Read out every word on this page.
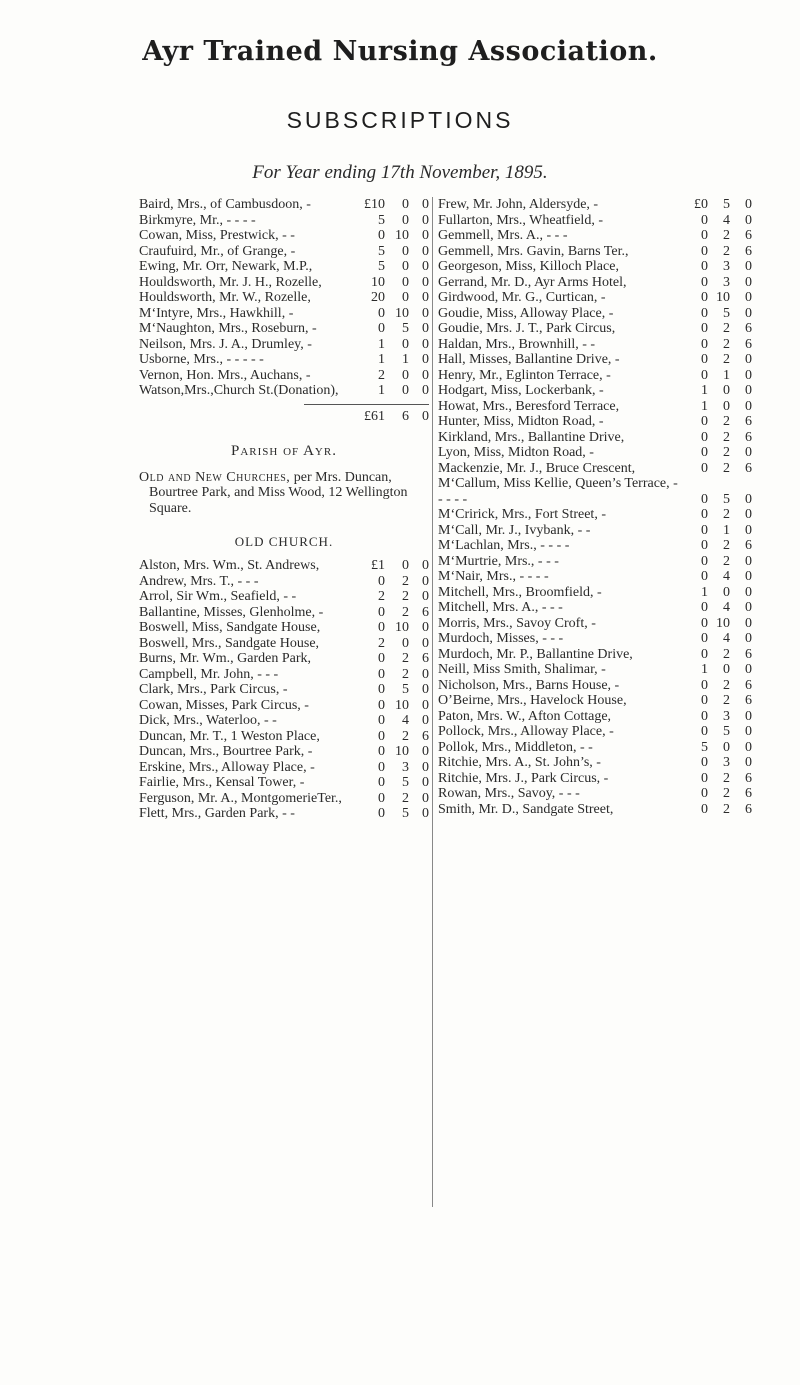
Ayr Trained Nursing Association.
SUBSCRIPTIONS
For Year ending 17th November, 1895.
Baird, Mrs., of Cambusdoon, -	£10	0 0
Birkmyre, Mr., - - - -	5	0 0
Cowan, Miss, Prestwick, - -	0 10 0
Craufuird, Mr., of Grange, -	5	0 0
Ewing, Mr. Orr, Newark, M.P.,	5	0 0
Houldsworth, Mr. J. H., Rozelle,	10	0 0
Houldsworth, Mr. W., Rozelle,	20	0 0
M‘Intyre, Mrs., Hawkhill, -	0 10 0
M‘Naughton, Mrs., Roseburn, -	0	5 0
Neilson, Mrs. J. A., Drumley, -	1	0 0
Usborne, Mrs., - - - - -	1	1 0
Vernon, Hon. Mrs., Auchans, -	2	0 0
Watson,Mrs.,Church St.(Donation),	1	0 0
£61	6 0
Parish of Ayr.
Old and New Churches, per Mrs. Duncan, Bourtree Park, and Miss Wood, 12 Wellington Square.
OLD CHURCH.
Alston, Mrs. Wm., St. Andrews,	£1	0 0
Andrew, Mrs. T., - - -	0	2 0
Arrol, Sir Wm., Seafield, - -	2	2 0
Ballantine, Misses, Glenholme, -	0	2 6
Boswell, Miss, Sandgate House,	0 10 0
Boswell, Mrs., Sandgate House,	2	0 0
Burns, Mr. Wm., Garden Park,	0	2 6
Campbell, Mr. John, - - -	0	2 0
Clark, Mrs., Park Circus, -	0	5 0
Cowan, Misses, Park Circus, -	0 10 0
Dick, Mrs., Waterloo, - -	0	4 0
Duncan, Mr. T., 1 Weston Place,	0	2 6
Duncan, Mrs., Bourtree Park, -	0 10 0
Erskine, Mrs., Alloway Place, -	0	3 0
Fairlie, Mrs., Kensal Tower, -	0	5 0
Ferguson, Mr. A., MontgomerieTer.,	0	2 0
Flett, Mrs., Garden Park, - -	0	5 0
Frew, Mr. John, Aldersyde, -	£0	5	0
Fullarton, Mrs., Wheatfield, -	0	4	0
Gemmell, Mrs. A., - - -	0	2	6
Gemmell, Mrs. Gavin, Barns Ter.,	0	2	6
Georgeson, Miss, Killoch Place,	0	3	0
Gerrand, Mr. D., Ayr Arms Hotel,	0	3	0
Girdwood, Mr. G., Curtican, -	0 10	0
Goudie, Miss, Alloway Place, -	0	5	0
Goudie, Mrs. J. T., Park Circus,	0	2	6
Haldan, Mrs., Brownhill, - -	0	2	6
Hall, Misses, Ballantine Drive, -	0	2	0
Henry, Mr., Eglinton Terrace, -	0	1	0
Hodgart, Miss, Lockerbank, -	1	0	0
Howat, Mrs., Beresford Terrace,	1	0	0
Hunter, Miss, Midton Road, -	0	2	6
Kirkland, Mrs., Ballantine Drive,	0	2	6
Lyon, Miss, Midton Road, -	0	2	0
Mackenzie, Mr. J., Bruce Crescent,	0	2	6
M‘Callum, Miss Kellie, Queen’s Terrace, - - - - -	0	5	0
M‘Cririck, Mrs., Fort Street, -	0	2	0
M‘Call, Mr. J., Ivybank, - -	0	1	0
M‘Lachlan, Mrs., - - - -	0	2	6
M‘Murtrie, Mrs., - - -	0	2	0
M‘Nair, Mrs., - - - -	0	4	0
Mitchell, Mrs., Broomfield, -	1	0	0
Mitchell, Mrs. A., - - -	0	4	0
Morris, Mrs., Savoy Croft, -	0 10	0
Murdoch, Misses, - - -	0	4	0
Murdoch, Mr. P., Ballantine Drive,	0	2	6
Neill, Miss Smith, Shalimar, -	1	0	0
Nicholson, Mrs., Barns House, -	0	2	6
O’Beirne, Mrs., Havelock House,	0	2	6
Paton, Mrs. W., Afton Cottage,	0	3	0
Pollock, Mrs., Alloway Place, -	0	5	0
Pollok, Mrs., Middleton, - -	5	0	0
Ritchie, Mrs. A., St. John’s, -	0	3	0
Ritchie, Mrs. J., Park Circus, -	0	2	6
Rowan, Mrs., Savoy, - - -	0	2	6
Smith, Mr. D., Sandgate Street,	0	2	6
